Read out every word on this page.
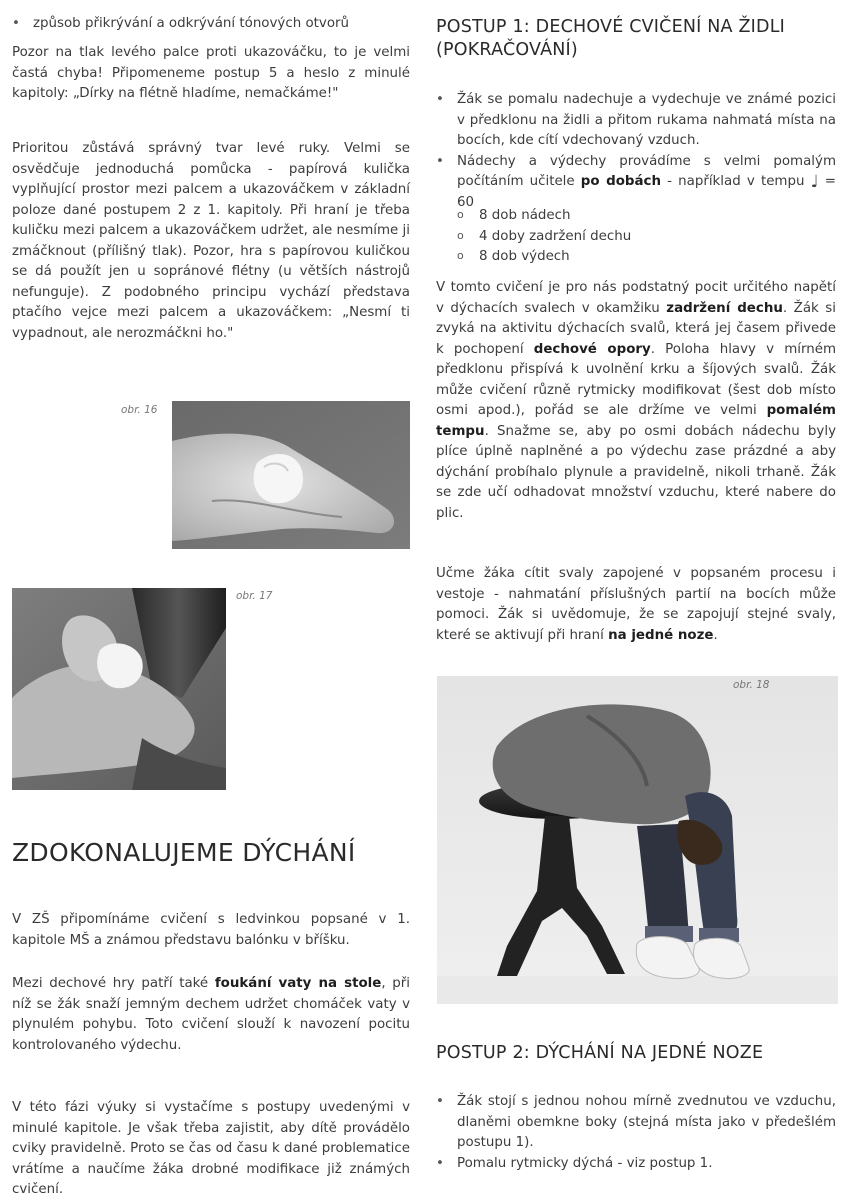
• způsob přikrývání a odkrývání tónových otvorů

Pozor na tlak levého palce proti ukazováčku, to je velmi častá chyba! Připomeneme postup 5 a heslo z minulé kapitoly: „Dírky na flétně hladíme, nemačkáme!"

Prioritou zůstává správný tvar levé ruky. Velmi se osvědčuje jednoduchá pomůcka - papírová kulička vyplňující prostor mezi palcem a ukazováčkem v základní poloze dané postupem 2 z 1. kapitoly. Při hraní je třeba kuličku mezi palcem a ukazováčkem udržet, ale nesmíme ji zmáčknout (přílišný tlak). Pozor, hra s papírovou kuličkou se dá použít jen u sopránové flétny (u větších nástrojů nefunguje). Z podobného principu vychází představa ptačího vejce mezi palcem a ukazováčkem: „Nesmí ti vypadnout, ale nerozmáčkni ho."

obr. 16
obr. 17
ZDOKONALUJEME DÝCHÁNÍ

V ZŠ připomínáme cvičení s ledvinkou popsané v 1. kapitole MŠ a známou představu balónku v bříšku.

Mezi dechové hry patří také foukání vaty na stole, při níž se žák snaží jemným dechem udržet chomáček vaty v plynulém pohybu. Toto cvičení slouží k navození pocitu kontrolovaného výdechu.

V této fázi výuky si vystačíme s postupy uvedenými v minulé kapitole. Je však třeba zajistit, aby dítě provádělo cviky pravidelně. Proto se čas od času k dané problematice vrátíme a naučíme žáka drobné modifikace již známých cvičení.

POSTUP 1: DECHOVÉ CVIČENÍ NA ŽIDLI
(POKRAČOVÁNÍ)
• Žák se pomalu nadechuje a vydechuje ve známé pozici v předklonu na židli a přitom rukama nahmatá místa na bocích, kde cítí vdechovaný vzduch.
• Nádechy a výdechy provádíme s velmi pomalým počítáním učitele po dobách - například v tempu ♩ = 60
o 8 dob nádech
o 4 doby zadržení dechu
o 8 dob výdech

V tomto cvičení je pro nás podstatný pocit určitého napětí v dýchacích svalech v okamžiku zadržení dechu. Žák si zvyká na aktivitu dýchacích svalů, která jej časem přivede k pochopení dechové opory. Poloha hlavy v mírném předklonu přispívá k uvolnění krku a šíjových svalů. Žák může cvičení různě rytmicky modifikovat (šest dob místo osmi apod.), pořád se ale držíme ve velmi pomalém tempu. Snažme se, aby po osmi dobách nádechu byly plíce úplně naplněné a po výdechu zase prázdné a aby dýchání probíhalo plynule a pravidelně, nikoli trhaně. Žák se zde učí odhadovat množství vzduchu, které nabere do plic.

Učme žáka cítit svaly zapojené v popsaném procesu i vestoje - nahmatání příslušných partií na bocích může pomoci. Žák si uvědomuje, že se zapojují stejné svaly, které se aktivují při hraní na jedné noze.

obr. 18
POSTUP 2: DÝCHÁNÍ NA JEDNÉ NOZE
• Žák stojí s jednou nohou mírně zvednutou ve vzduchu, dlaněmi obemkne boky (stejná místa jako v předešlém postupu 1).
• Pomalu rytmicky dýchá - viz postup 1.
